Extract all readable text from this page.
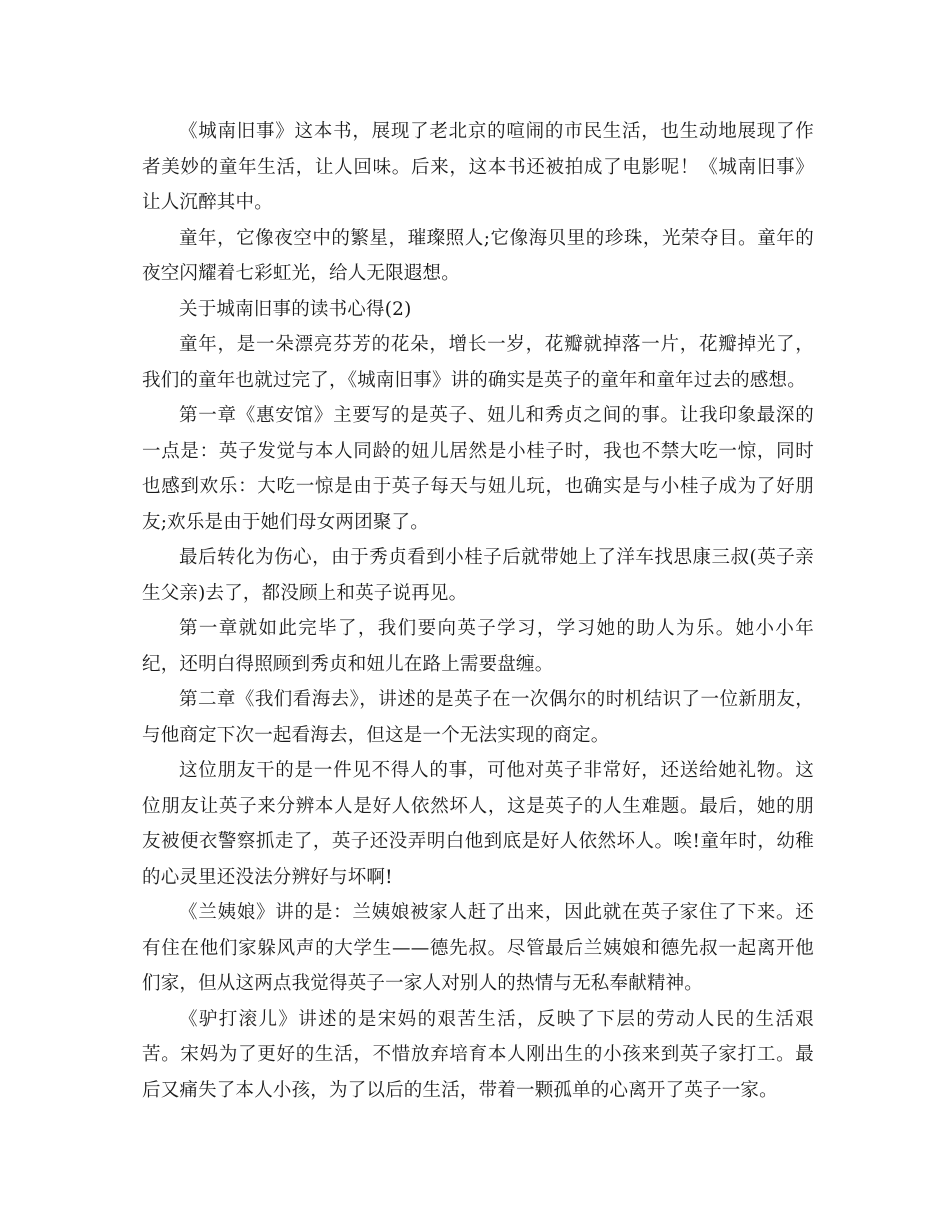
《城南旧事》这本书，展现了老北京的喧闹的市民生活，也生动地展现了作者美妙的童年生活，让人回味。后来，这本书还被拍成了电影呢！《城南旧事》让人沉醉其中。

童年，它像夜空中的繁星，璀璨照人;它像海贝里的珍珠，光荣夺目。童年的夜空闪耀着七彩虹光，给人无限遐想。

关于城南旧事的读书心得(2)

童年，是一朵漂亮芬芳的花朵，增长一岁，花瓣就掉落一片，花瓣掉光了，我们的童年也就过完了，《城南旧事》讲的确实是英子的童年和童年过去的感想。

第一章《惠安馆》主要写的是英子、妞儿和秀贞之间的事。让我印象最深的一点是：英子发觉与本人同龄的妞儿居然是小桂子时，我也不禁大吃一惊，同时也感到欢乐：大吃一惊是由于英子每天与妞儿玩，也确实是与小桂子成为了好朋友;欢乐是由于她们母女两团聚了。

最后转化为伤心，由于秀贞看到小桂子后就带她上了洋车找思康三叔(英子亲生父亲)去了，都没顾上和英子说再见。

第一章就如此完毕了，我们要向英子学习，学习她的助人为乐。她小小年纪，还明白得照顾到秀贞和妞儿在路上需要盘缠。

第二章《我们看海去》，讲述的是英子在一次偶尔的时机结识了一位新朋友，与他商定下次一起看海去，但这是一个无法实现的商定。

这位朋友干的是一件见不得人的事，可他对英子非常好，还送给她礼物。这位朋友让英子来分辨本人是好人依然坏人，这是英子的人生难题。最后，她的朋友被便衣警察抓走了，英子还没弄明白他到底是好人依然坏人。唉!童年时，幼稚的心灵里还没法分辨好与坏啊!

《兰姨娘》讲的是：兰姨娘被家人赶了出来，因此就在英子家住了下来。还有住在他们家躲风声的大学生——德先叔。尽管最后兰姨娘和德先叔一起离开他们家，但从这两点我觉得英子一家人对别人的热情与无私奉献精神。

《驴打滚儿》讲述的是宋妈的艰苦生活，反映了下层的劳动人民的生活艰苦。宋妈为了更好的生活，不惜放弃培育本人刚出生的小孩来到英子家打工。最后又痛失了本人小孩，为了以后的生活，带着一颗孤单的心离开了英子一家。
